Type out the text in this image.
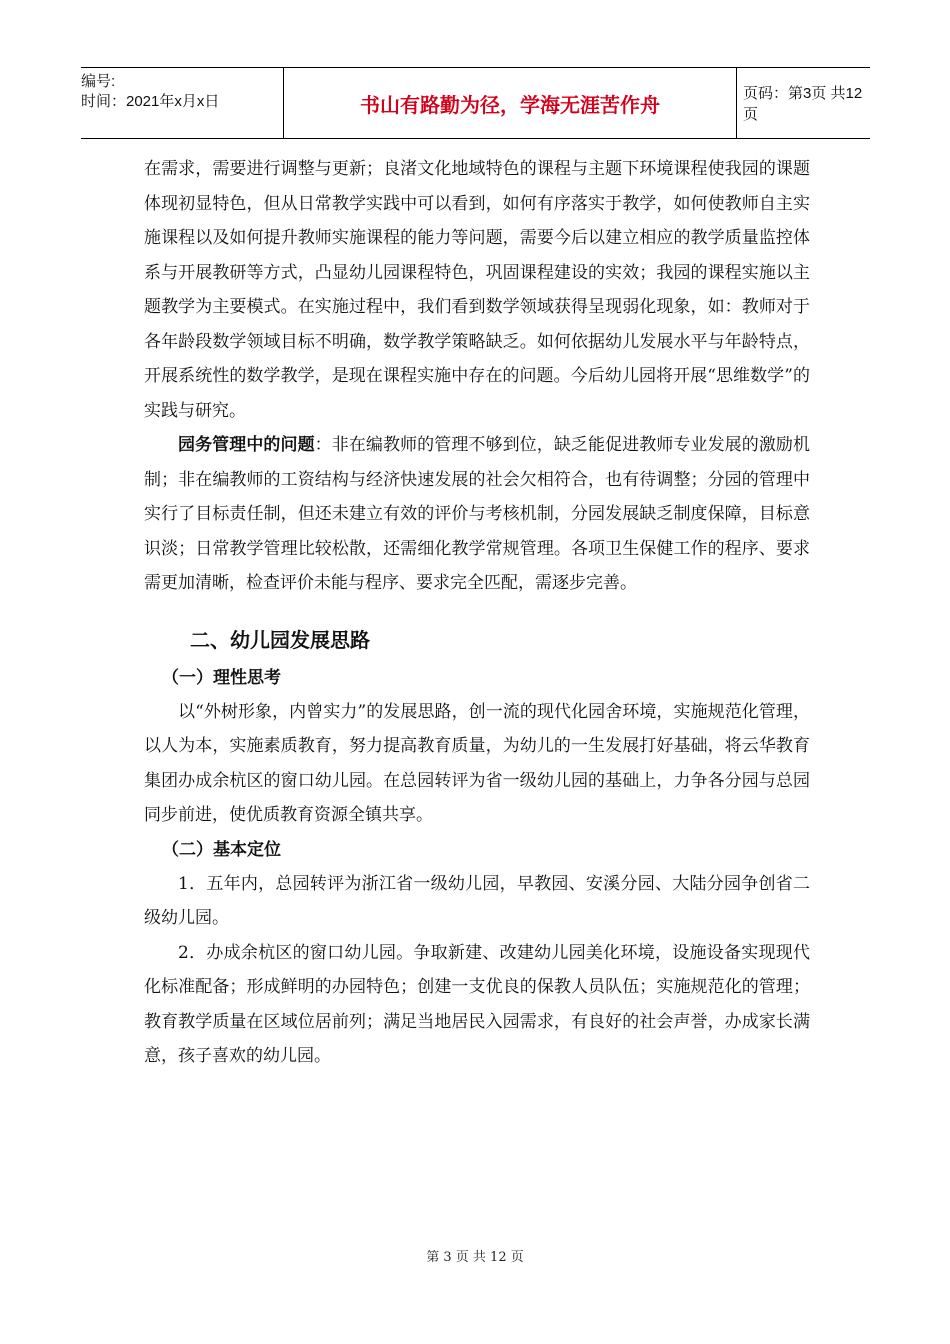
编号:
时间：2021年x月x日	书山有路勤为径，学海无涯苦作舟	页码：第3页 共12页

在需求，需要进行调整与更新；良渚文化地域特色的课程与主题下环境课程使我园的课题体现初显特色，但从日常教学实践中可以看到，如何有序落实于教学，如何使教师自主实施课程以及如何提升教师实施课程的能力等问题，需要今后以建立相应的教学质量监控体系与开展教研等方式，凸显幼儿园课程特色，巩固课程建设的实效；我园的课程实施以主题教学为主要模式。在实施过程中，我们看到数学领域获得呈现弱化现象，如：教师对于各年龄段数学领域目标不明确，数学教学策略缺乏。如何依据幼儿发展水平与年龄特点，开展系统性的数学教学，是现在课程实施中存在的问题。今后幼儿园将开展“思维数学”的实践与研究。

园务管理中的问题：非在编教师的管理不够到位，缺乏能促进教师专业发展的激励机制；非在编教师的工资结构与经济快速发展的社会欠相符合，也有待调整；分园的管理中实行了目标责任制，但还未建立有效的评价与考核机制，分园发展缺乏制度保障，目标意识淡；日常教学管理比较松散，还需细化教学常规管理。各项卫生保健工作的程序、要求需更加清晰，检查评价未能与程序、要求完全匹配，需逐步完善。

二、幼儿园发展思路
（一）理性思考

以“外树形象，内曾实力”的发展思路，创一流的现代化园舍环境，实施规范化管理，以人为本，实施素质教育，努力提高教育质量，为幼儿的一生发展打好基础，将云华教育集团办成余杭区的窗口幼儿园。在总园转评为省一级幼儿园的基础上，力争各分园与总园同步前进，使优质教育资源全镇共享。

（二）基本定位

1．五年内，总园转评为浙江省一级幼儿园，早教园、安溪分园、大陆分园争创省二级幼儿园。

2．办成余杭区的窗口幼儿园。争取新建、改建幼儿园美化环境，设施设备实现现代化标准配备；形成鲜明的办园特色；创建一支优良的保教人员队伍；实施规范化的管理；教育教学质量在区域位居前列；满足当地居民入园需求，有良好的社会声誉，办成家长满意，孩子喜欢的幼儿园。

第 3 页 共 12 页
